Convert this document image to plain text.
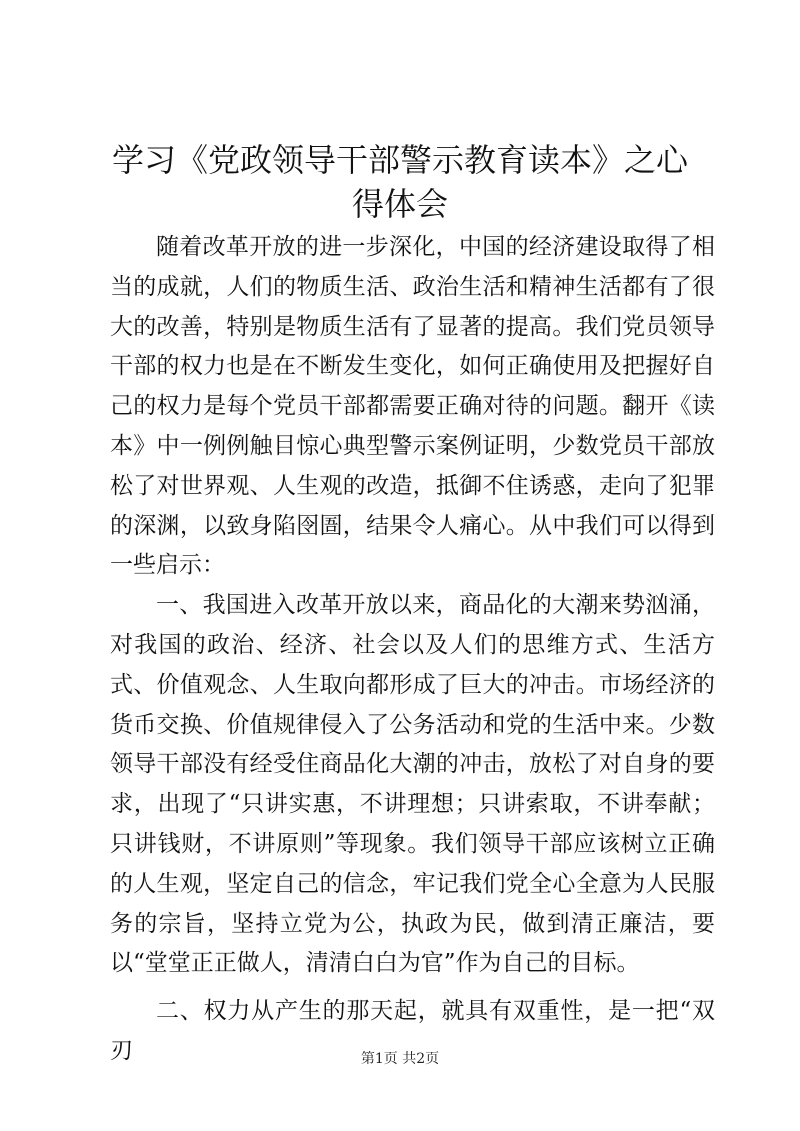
学习《党政领导干部警示教育读本》之心得体会

随着改革开放的进一步深化，中国的经济建设取得了相当的成就，人们的物质生活、政治生活和精神生活都有了很大的改善，特别是物质生活有了显著的提高。我们党员领导干部的权力也是在不断发生变化，如何正确使用及把握好自己的权力是每个党员干部都需要正确对待的问题。翻开《读本》中一例例触目惊心典型警示案例证明，少数党员干部放松了对世界观、人生观的改造，抵御不住诱惑，走向了犯罪的深渊，以致身陷囹圄，结果令人痛心。从中我们可以得到一些启示：

一、我国进入改革开放以来，商品化的大潮来势汹涌，对我国的政治、经济、社会以及人们的思维方式、生活方式、价值观念、人生取向都形成了巨大的冲击。市场经济的货币交换、价值规律侵入了公务活动和党的生活中来。少数领导干部没有经受住商品化大潮的冲击，放松了对自身的要求，出现了“只讲实惠，不讲理想；只讲索取，不讲奉献；只讲钱财，不讲原则”等现象。我们领导干部应该树立正确的人生观，坚定自己的信念，牢记我们党全心全意为人民服务的宗旨，坚持立党为公，执政为民，做到清正廉洁，要以“堂堂正正做人，清清白白为官”作为自己的目标。

二、权力从产生的那天起，就具有双重性，是一把“双刃	第1页 共2页
